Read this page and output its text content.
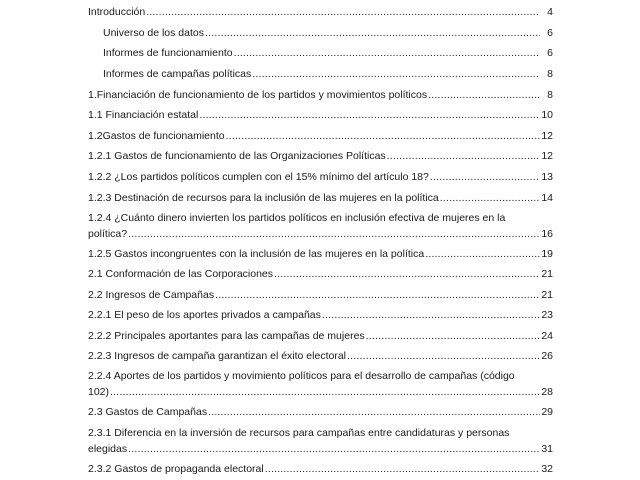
Introducción .....	4
Universo de los datos .....	6
Informes de funcionamiento .....	6
Informes de campañas políticas .....	8
1. Financiación de funcionamiento de los partidos y movimientos políticos .....	8
1.1 Financiación estatal .....	10
1.2 Gastos de funcionamiento .....	12
1.2.1 Gastos de funcionamiento de las Organizaciones Políticas .....	12
1.2.2 ¿Los partidos políticos cumplen con el 15% mínimo del artículo 18? .....	13
1.2.3 Destinación de recursos para la inclusión de las mujeres en la política .....	14
1.2.4 ¿Cuánto dinero invierten los partidos políticos en inclusión efectiva de mujeres en la
política? .....	16
1.2.5 Gastos incongruentes con la inclusión de las mujeres en la política .....	19
2.1 Conformación de las Corporaciones .....	21
2.2 Ingresos de Campañas .....	21
2.2.1 El peso de los aportes privados a campañas .....	23
2.2.2 Principales aportantes para las campañas de mujeres .....	24
2.2.3 Ingresos de campaña garantizan el éxito electoral .....	26
2.2.4 Aportes de los partidos y movimiento políticos para el desarrollo de campañas (código
102) .....	28
2.3 Gastos de Campañas .....	29
2.3.1 Diferencia en la inversión de recursos para campañas entre candidaturas y personas
elegidas .....	31
2.3.2 Gastos de propaganda electoral .....	32
